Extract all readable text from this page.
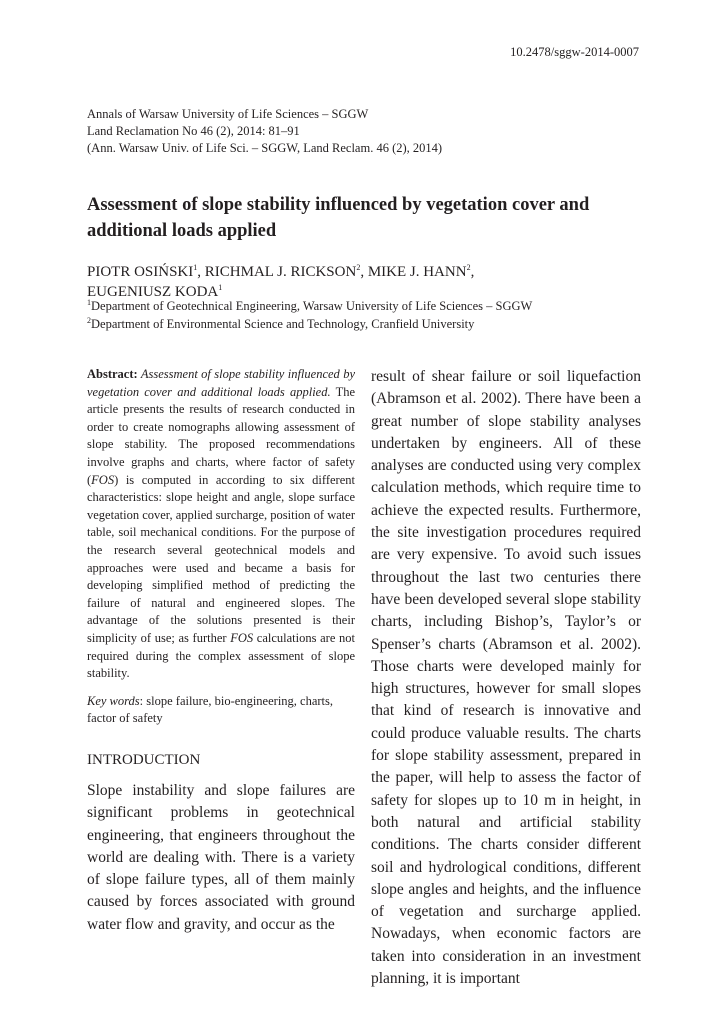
10.2478/sggw-2014-0007
Annals of Warsaw University of Life Sciences – SGGW
Land Reclamation No 46 (2), 2014: 81–91
(Ann. Warsaw Univ. of Life Sci. – SGGW, Land Reclam. 46 (2), 2014)
Assessment of slope stability influenced by vegetation cover and additional loads applied
PIOTR OSIŃSKI$^1$, RICHMAL J. RICKSON$^2$, MIKE J. HANN$^2$,
EUGENIUSZ KODA$^1$
$^1$Department of Geotechnical Engineering, Warsaw University of Life Sciences – SGGW
$^2$Department of Environmental Science and Technology, Cranfield University
Abstract: Assessment of slope stability influenced by vegetation cover and additional loads applied. The article presents the results of research conducted in order to create nomographs allowing assessment of slope stability. The proposed recommendations involve graphs and charts, where factor of safety (FOS) is computed in according to six different characteristics: slope height and angle, slope surface vegetation cover, applied surcharge, position of water table, soil mechanical conditions. For the purpose of the research several geotechnical models and approaches were used and became a basis for developing simplified method of predicting the failure of natural and engineered slopes. The advantage of the solutions presented is their simplicity of use; as further FOS calculations are not required during the complex assessment of slope stability.
Key words: slope failure, bio-engineering, charts, factor of safety
INTRODUCTION
Slope instability and slope failures are significant problems in geotechnical engineering, that engineers throughout the world are dealing with. There is a variety of slope failure types, all of them mainly caused by forces associated with ground water flow and gravity, and occur as the
result of shear failure or soil liquefaction (Abramson et al. 2002). There have been a great number of slope stability analyses undertaken by engineers. All of these analyses are conducted using very complex calculation methods, which require time to achieve the expected results. Furthermore, the site investigation procedures required are very expensive. To avoid such issues throughout the last two centuries there have been developed several slope stability charts, including Bishop’s, Taylor’s or Spenser’s charts (Abramson et al. 2002). Those charts were developed mainly for high structures, however for small slopes that kind of research is innovative and could produce valuable results. The charts for slope stability assessment, prepared in the paper, will help to assess the factor of safety for slopes up to 10 m in height, in both natural and artificial stability conditions. The charts consider different soil and hydrological conditions, different slope angles and heights, and the influence of vegetation and surcharge applied. Nowadays, when economic factors are taken into consideration in an investment planning, it is important
